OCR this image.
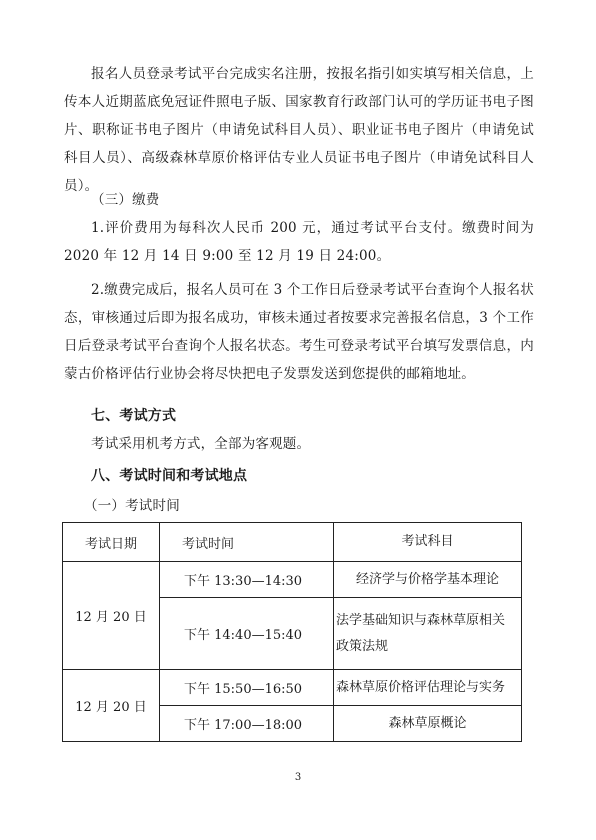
报名人员登录考试平台完成实名注册，按报名指引如实填写相关信息，上传本人近期蓝底免冠证件照电子版、国家教育行政部门认可的学历证书电子图片、职称证书电子图片（申请免试科目人员）、职业证书电子图片（申请免试科目人员）、高级森林草原价格评估专业人员证书电子图片（申请免试科目人员）。

（三）缴费

1.评价费用为每科次人民币 200 元，通过考试平台支付。缴费时间为 2020 年 12 月 14 日 9:00 至 12 月 19 日 24:00。

2.缴费完成后，报名人员可在 3 个工作日后登录考试平台查询个人报名状态，审核通过后即为报名成功，审核未通过者按要求完善报名信息，3 个工作日后登录考试平台查询个人报名状态。考生可登录考试平台填写发票信息，内蒙古价格评估行业协会将尽快把电子发票发送到您提供的邮箱地址。

七、考试方式

考试采用机考方式，全部为客观题。

八、考试时间和考试地点

（一）考试时间

考试日期	考试时间	考试科目
12 月 20 日	下午 13:30—14:30	经济学与价格学基本理论
	下午 14:40—15:40	法学基础知识与森林草原相关政策法规
12 月 20 日	下午 15:50—16:50	森林草原价格评估理论与实务
	下午 17:00—18:00	森林草原概论
3
